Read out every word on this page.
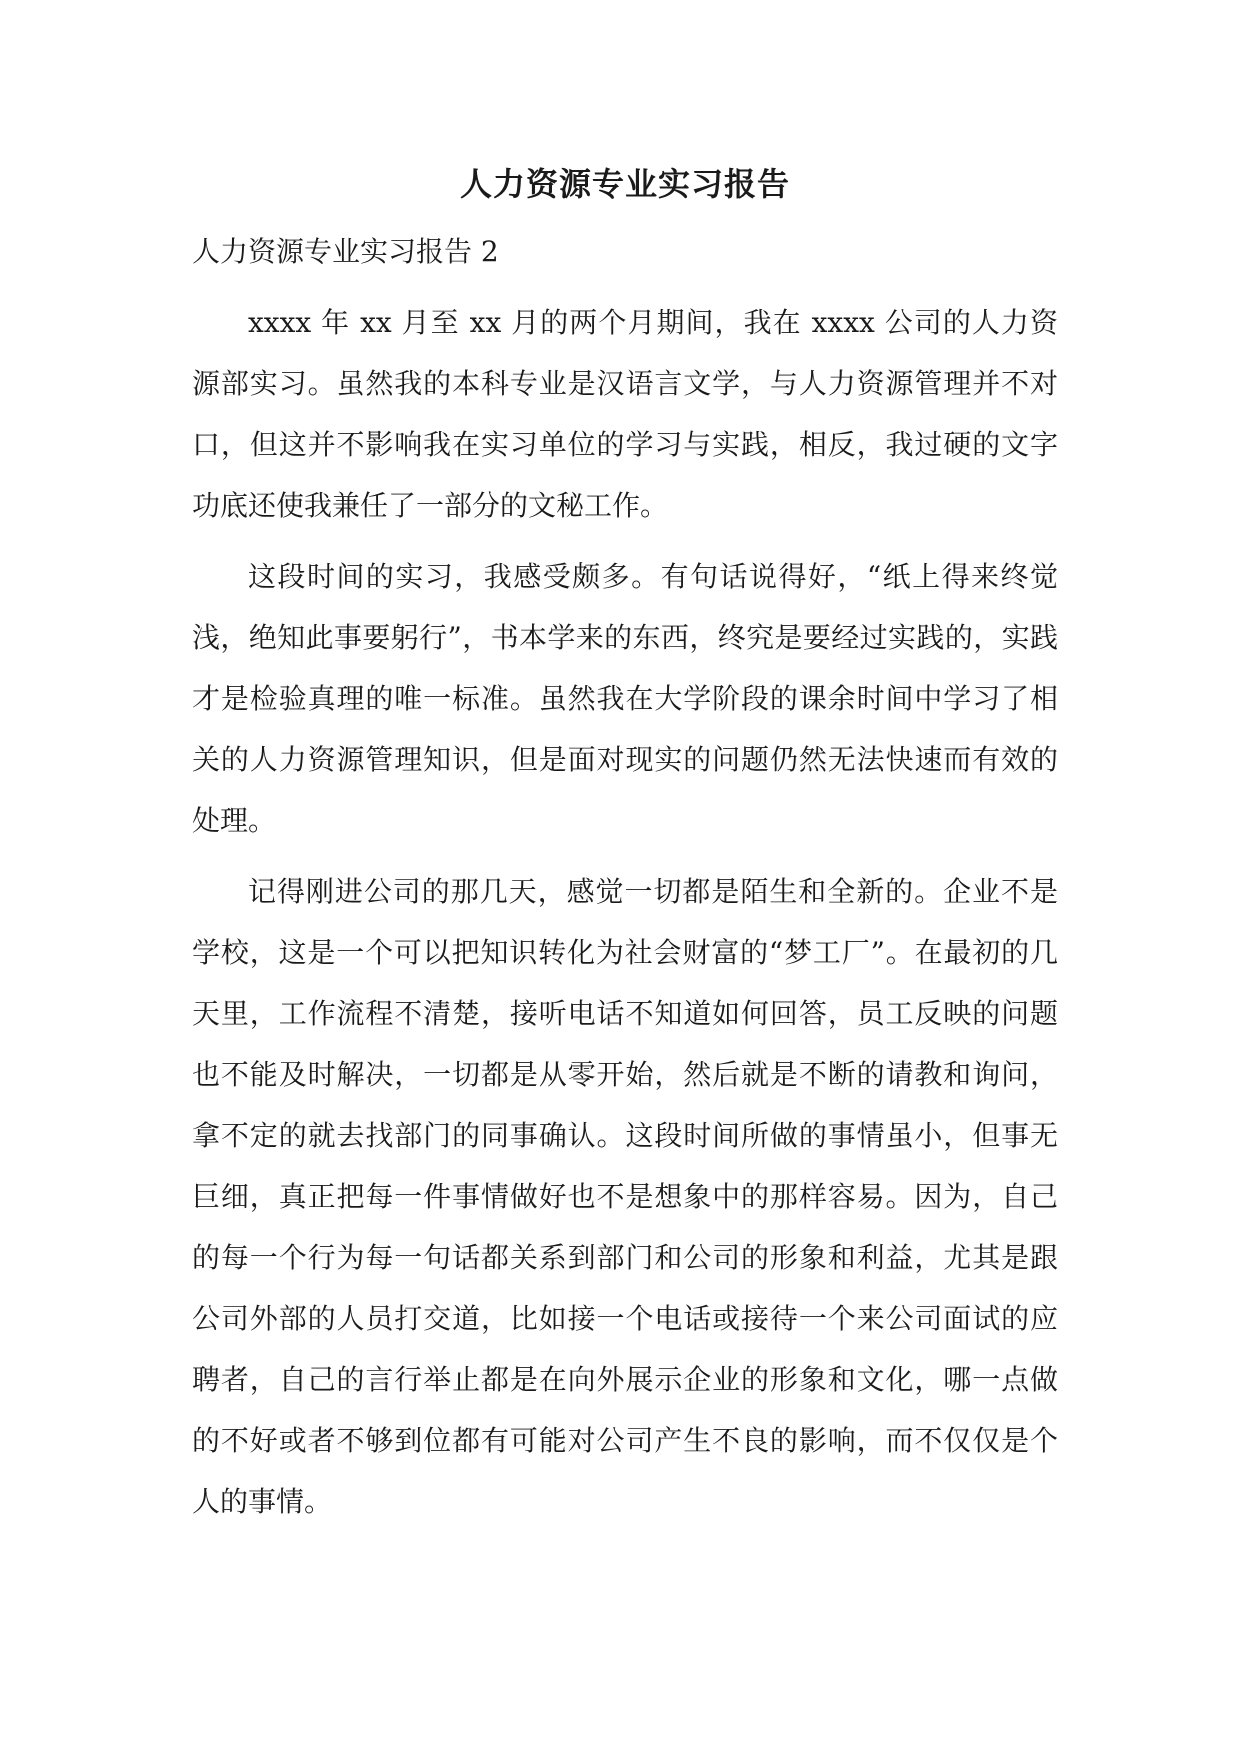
人力资源专业实习报告

人力资源专业实习报告 2

xxxx 年 xx 月至 xx 月的两个月期间，我在 xxxx 公司的人力资源部实习。虽然我的本科专业是汉语言文学，与人力资源管理并不对口，但这并不影响我在实习单位的学习与实践，相反，我过硬的文字功底还使我兼任了一部分的文秘工作。

这段时间的实习，我感受颇多。有句话说得好，“纸上得来终觉浅，绝知此事要躬行”，书本学来的东西，终究是要经过实践的，实践才是检验真理的唯一标准。虽然我在大学阶段的课余时间中学习了相关的人力资源管理知识，但是面对现实的问题仍然无法快速而有效的处理。

记得刚进公司的那几天，感觉一切都是陌生和全新的。企业不是学校，这是一个可以把知识转化为社会财富的“梦工厂”。在最初的几天里，工作流程不清楚，接听电话不知道如何回答，员工反映的问题也不能及时解决，一切都是从零开始，然后就是不断的请教和询问，拿不定的就去找部门的同事确认。这段时间所做的事情虽小，但事无巨细，真正把每一件事情做好也不是想象中的那样容易。因为，自己的每一个行为每一句话都关系到部门和公司的形象和利益，尤其是跟公司外部的人员打交道，比如接一个电话或接待一个来公司面试的应聘者，自己的言行举止都是在向外展示企业的形象和文化，哪一点做的不好或者不够到位都有可能对公司产生不良的影响，而不仅仅是个人的事情。
